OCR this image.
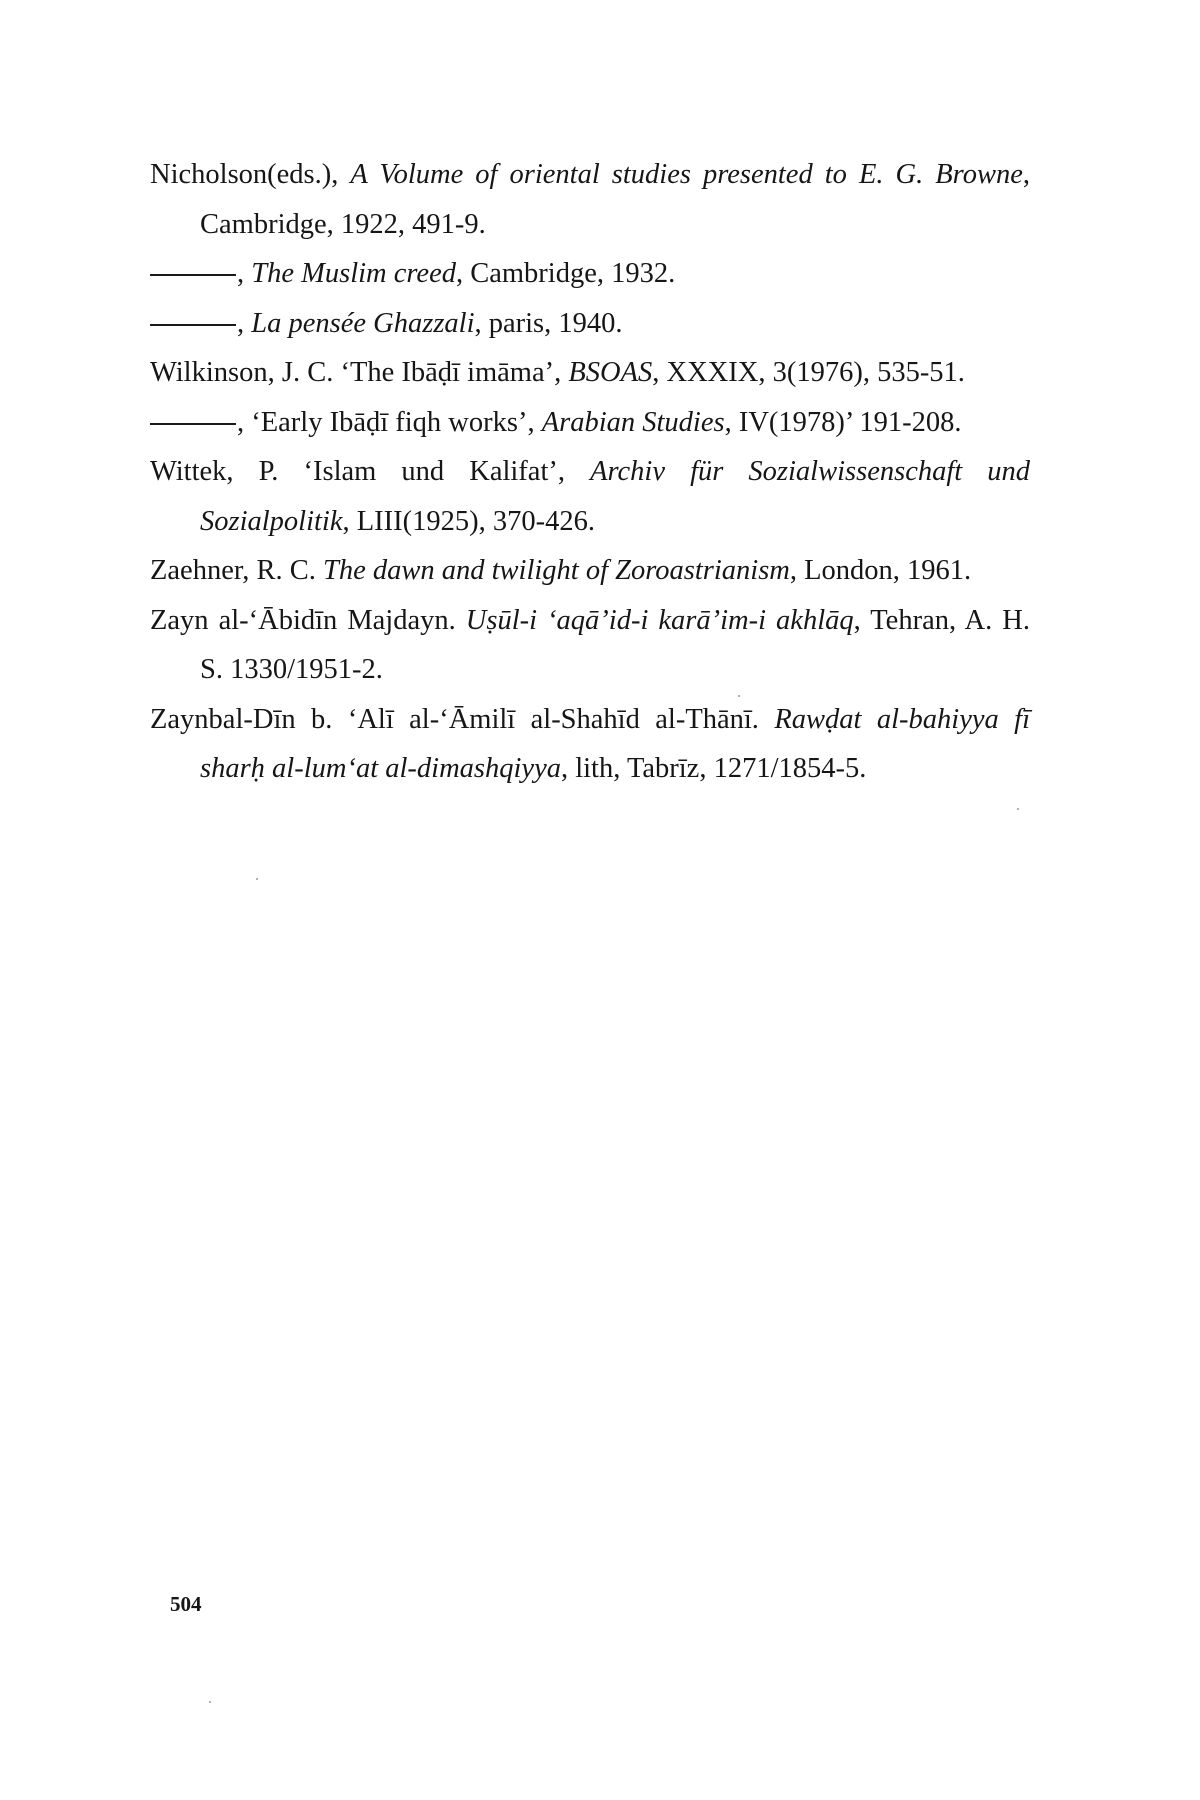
Nicholson(eds.), A Volume of oriental studies presented to E. G. Browne, Cambridge, 1922, 491-9.

, The Muslim creed, Cambridge, 1932.

, La pensée Ghazzali, paris, 1940.

Wilkinson, J. C. ‘The Ibāḍī imāma’, BSOAS, XXXIX, 3(1976), 535-51.

, ‘Early Ibāḍī fiqh works’, Arabian Studies, IV(1978)’ 191-208.

Wittek, P. ‘Islam und Kalifat’, Archiv für Sozialwissenschaft und Sozialpolitik, LIII(1925), 370-426.

Zaehner, R. C. The dawn and twilight of Zoroastrianism, London, 1961.

Zayn al-‘Ābidīn Majdayn. Uṣūl-i ‘aqā’id-i karā’im-i akhlāq, Tehran, A. H. S. 1330/1951-2.

Zaynbal-Dīn b. ‘Alī al-‘Āmilī al-Shahīd al-Thānī. Rawḍat al-bahiyya fī sharḥ al-lum‘at al-dimashqiyya, lith, Tabrīz, 1271/1854-5.

504
